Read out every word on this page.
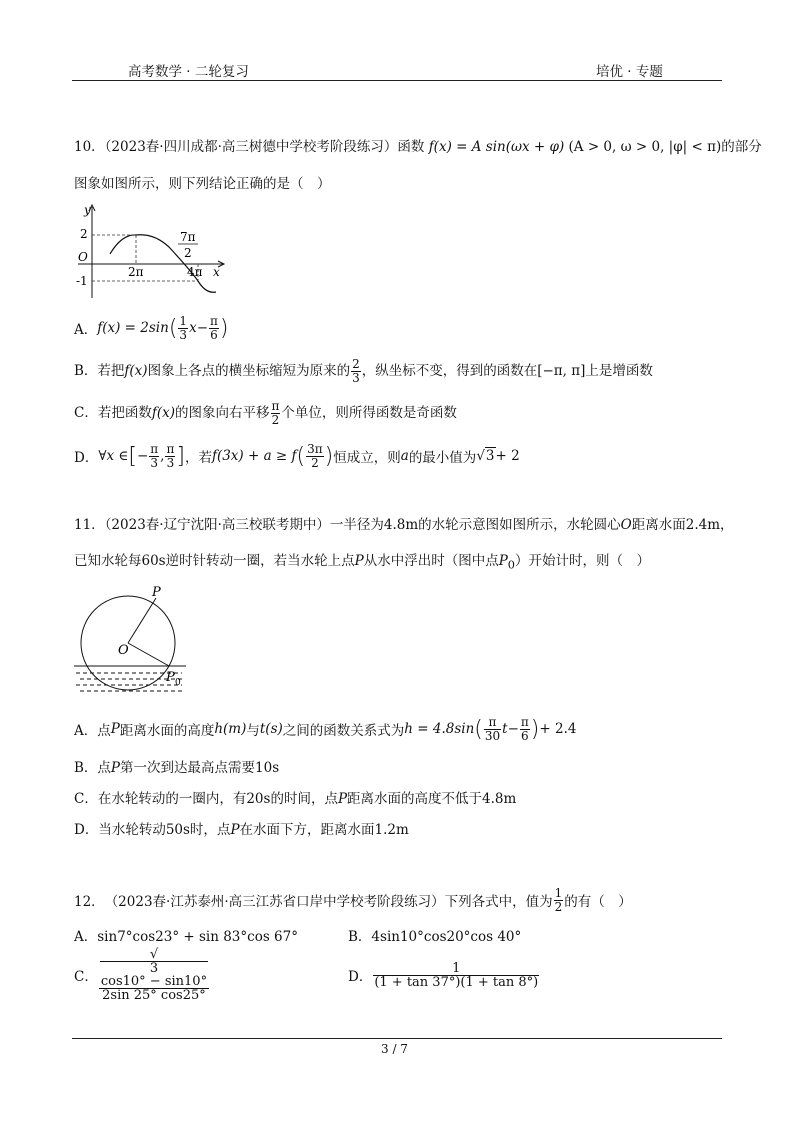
高考数学 · 二轮复习	培优 · 专题
10．（2023春·四川成都·高三树德中学校考阶段练习）函数 f(x) = A sin(ωx + φ) (A > 0, ω > 0, |φ| < π)的部分
图象如图所示，则下列结论正确的是（　）
y
2
O
-1
2π
7π
2
4π x
A． f(x) = 2sin ( $\frac{1}{3}$ $x - \frac{\pi}{6}$ )
B．若把f(x)图象上各点的横坐标缩短为原来的 $\frac{2}{3}$ ，纵坐标不变，得到的函数在[−π, π]上是增函数
C．若把函数f(x)的图象向右平移 $\frac{\pi}{2}$ 个单位，则所得函数是奇函数
D． ∀x ∈ [ − $\frac{\pi}{3}$ , $\frac{\pi}{3}$ ] ，若 f(3x) + a ≥ f ( $\frac{3\pi}{2}$ ) 恒成立，则 a 的最小值为 √3 + 2
11．（2023春·辽宁沈阳·高三校联考期中）一半径为4.8m的水轮示意图如图所示，水轮圆心O距离水面2.4m，
已知水轮每60s逆时针转动一圈，若当水轮上点P从水中浮出时（图中点$P_0$）开始计时，则（　）
P
O
P 0
A． 点 P 距离水面的高度 h(m) 与 t(s) 之间的函数关系式为 h = 4.8sin ( $\frac{\pi}{30}$ $t - \frac{\pi}{6}$ ) + 2.4
B．点P第一次到达最高点需要10s
C．在水轮转动的一圈内，有20s的时间，点P距离水面的高度不低于4.8m
D．当水轮转动50s时，点P在水面下方，距离水面1.2m
12． （2023春·江苏泰州·高三江苏省口岸中学校考阶段练习） 下列各式中，值为 $\frac{1}{2}$ 的有（　）
A．sin7°cos23° + sin 83°cos 67°	B．4sin10°cos20°cos 40°
C． √
3
cos10° − sin10°
2sin 25° cos25°	D． $\frac{1}{(1 + \tan 37^\circ)(1 + \tan 8^\circ)}$
3 / 7
